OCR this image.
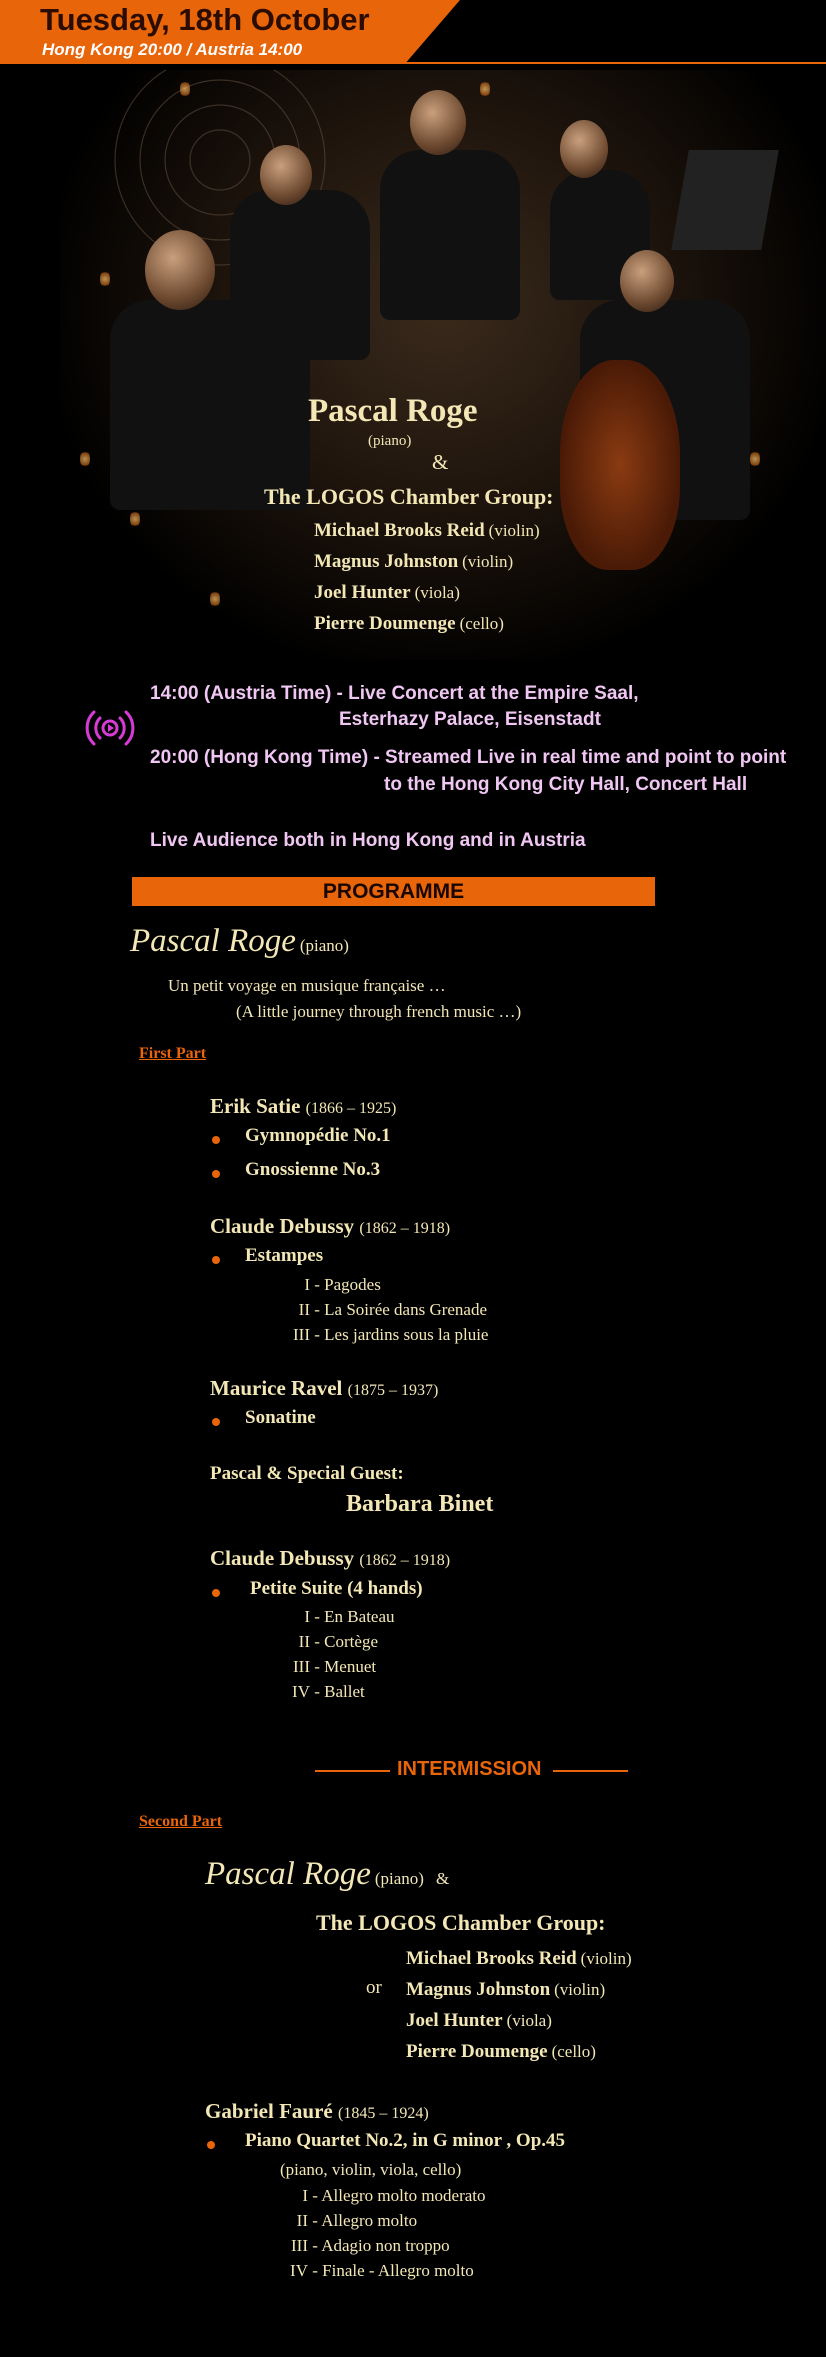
Tuesday, 18th October
Hong Kong 20:00 / Austria 14:00
Pascal Roge
(piano)
&
The LOGOS Chamber Group:
Michael Brooks Reid (violin)
Magnus Johnston (violin)
Joel Hunter (viola)
Pierre Doumenge (cello)
14:00 (Austria Time) - Live Concert at the Empire Saal,
Esterhazy Palace, Eisenstadt
20:00 (Hong Kong Time) - Streamed Live in real time and point to point
to the Hong Kong City Hall, Concert Hall
Live Audience both in Hong Kong and in Austria
PROGRAMME
Pascal Roge (piano)
Un petit voyage en musique française …
(A little journey through french music …)
First Part
Erik Satie (1866 – 1925)
Gymnopédie No.1
Gnossienne No.3
Claude Debussy (1862 – 1918)
Estampes
I - Pagodes
II - La Soirée dans Grenade
III - Les jardins sous la pluie
Maurice Ravel (1875 – 1937)
Sonatine
Pascal & Special Guest:
Barbara Binet
Claude Debussy (1862 – 1918)
Petite Suite (4 hands)
I - En Bateau
II - Cortège
III - Menuet
IV - Ballet
INTERMISSION
Second Part
Pascal Roge (piano) &
The LOGOS Chamber Group:
or
Michael Brooks Reid (violin)
Magnus Johnston (violin)
Joel Hunter (viola)
Pierre Doumenge (cello)
Gabriel Fauré (1845 – 1924)
Piano Quartet No.2, in G minor , Op.45
(piano, violin, viola, cello)
I - Allegro molto moderato
II - Allegro molto
III - Adagio non troppo
IV - Finale - Allegro molto
